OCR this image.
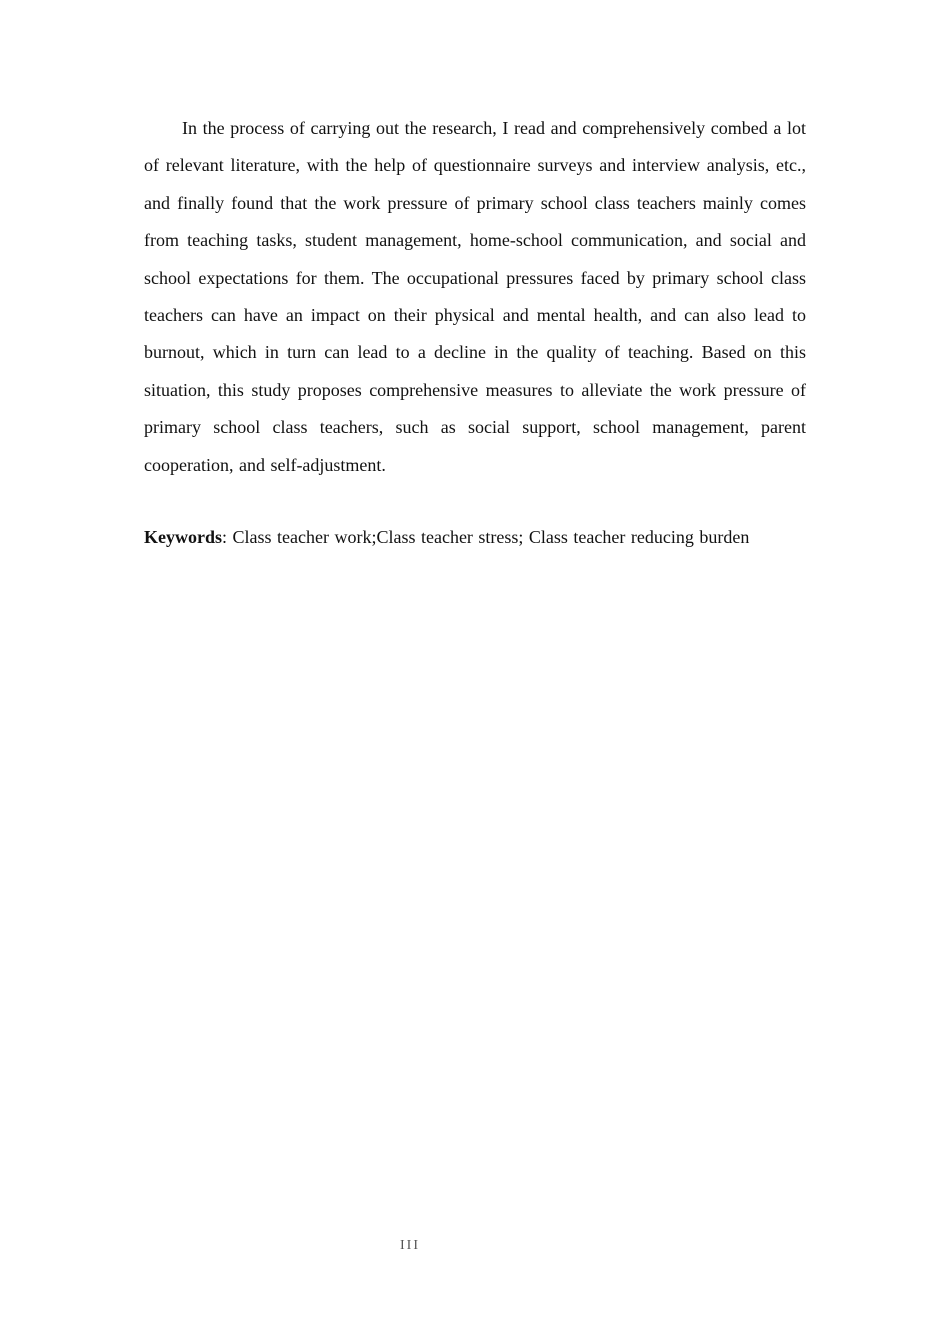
In the process of carrying out the research, I read and comprehensively combed a lot of relevant literature, with the help of questionnaire surveys and interview analysis, etc., and finally found that the work pressure of primary school class teachers mainly comes from teaching tasks, student management, home-school communication, and social and school expectations for them. The occupational pressures faced by primary school class teachers can have an impact on their physical and mental health, and can also lead to burnout, which in turn can lead to a decline in the quality of teaching. Based on this situation, this study proposes comprehensive measures to alleviate the work pressure of primary school class teachers, such as social support, school management, parent cooperation, and self-adjustment.

Keywords: Class teacher work;Class teacher stress; Class teacher reducing burden

III
